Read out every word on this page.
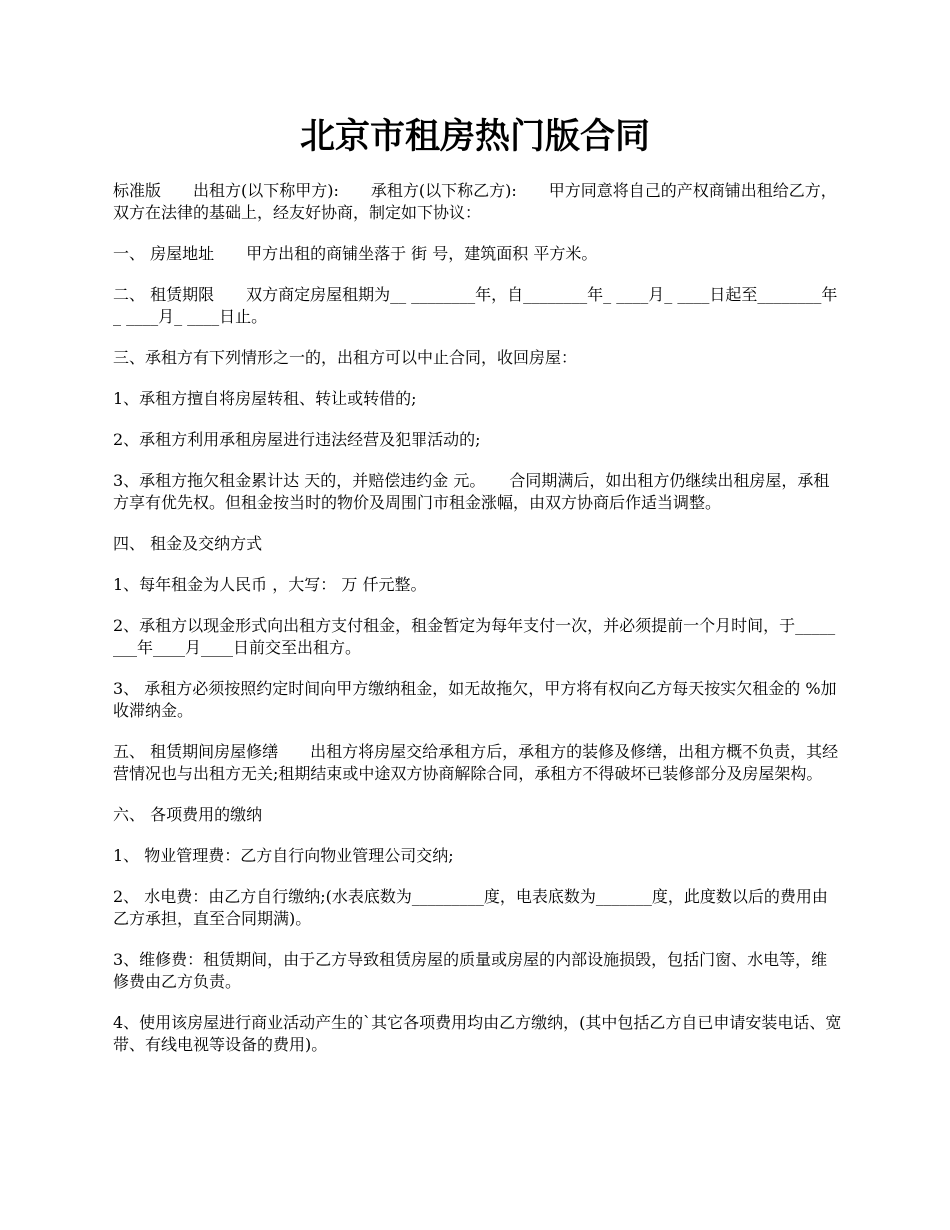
北京市租房热门版合同

标准版　　出租方(以下称甲方):　　承租方(以下称乙方):　　甲方同意将自己的产权商铺出租给乙方，双方在法律的基础上，经友好协商，制定如下协议：

一、 房屋地址　　甲方出租的商铺坐落于 街 号，建筑面积 平方米。

二、 租赁期限　　双方商定房屋租期为__ ________年，自________年_ ____月_ ____日起至________年_ ____月_ ____日止。

三、承租方有下列情形之一的，出租方可以中止合同，收回房屋：

1、承租方擅自将房屋转租、转让或转借的;

2、承租方利用承租房屋进行违法经营及犯罪活动的;

3、承租方拖欠租金累计达 天的，并赔偿违约金 元。　　合同期满后，如出租方仍继续出租房屋，承租方享有优先权。但租金按当时的物价及周围门市租金涨幅，由双方协商后作适当调整。

四、 租金及交纳方式

1、每年租金为人民币 ，大写： 万 仟元整。

2、承租方以现金形式向出租方支付租金，租金暂定为每年支付一次，并必须提前一个月时间，于________年____月____日前交至出租方。

3、 承租方必须按照约定时间向甲方缴纳租金，如无故拖欠，甲方将有权向乙方每天按实欠租金的 %加收滞纳金。

五、 租赁期间房屋修缮　　出租方将房屋交给承租方后，承租方的装修及修缮，出租方概不负责，其经营情况也与出租方无关;租期结束或中途双方协商解除合同，承租方不得破坏已装修部分及房屋架构。

六、 各项费用的缴纳

1、 物业管理费：乙方自行向物业管理公司交纳;

2、 水电费：由乙方自行缴纳;(水表底数为_________度，电表底数为_______度，此度数以后的费用由乙方承担，直至合同期满)。

3、维修费：租赁期间，由于乙方导致租赁房屋的质量或房屋的内部设施损毁，包括门窗、水电等，维修费由乙方负责。

4、使用该房屋进行商业活动产生的`其它各项费用均由乙方缴纳，(其中包括乙方自已申请安装电话、宽带、有线电视等设备的费用)。
